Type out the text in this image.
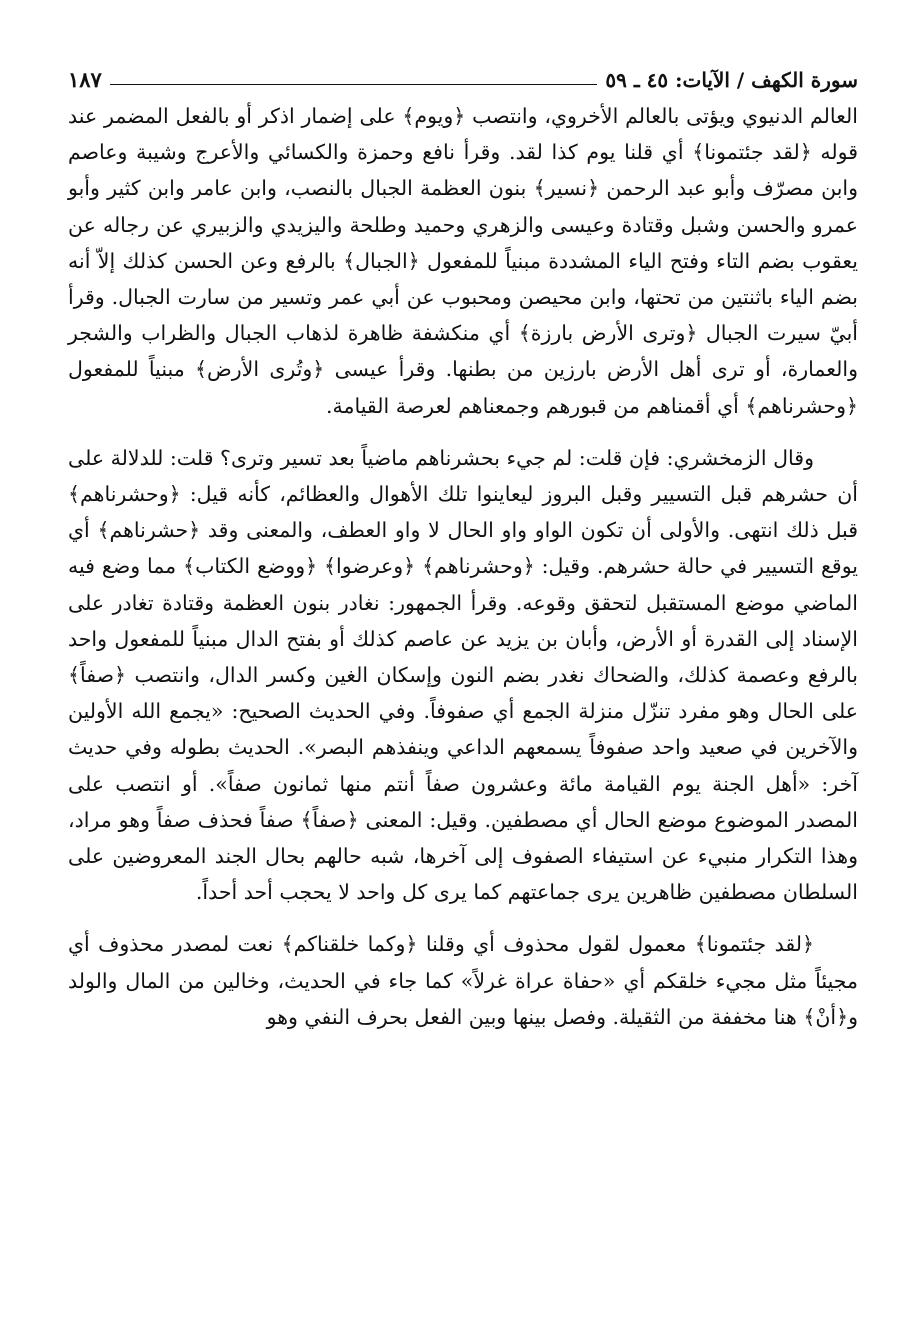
سورة الكهف / الآيات: ٤٥ ـ ٥٩
١٨٧

العالم الدنيوي ويؤتى بالعالم الأخروي، وانتصب ﴿ويوم﴾ على إضمار اذكر أو بالفعل المضمر عند قوله ﴿لقد جئتمونا﴾ أي قلنا يوم كذا لقد. وقرأ نافع وحمزة والكسائي والأعرج وشيبة وعاصم وابن مصرّف وأبو عبد الرحمن ﴿نسير﴾ بنون العظمة الجبال بالنصب، وابن عامر وابن كثير وأبو عمرو والحسن وشبل وقتادة وعيسى والزهري وحميد وطلحة واليزيدي والزبيري عن رجاله عن يعقوب بضم التاء وفتح الياء المشددة مبنياً للمفعول ﴿الجبال﴾ بالرفع وعن الحسن كذلك إلاّ أنه بضم الياء باثنتين من تحتها، وابن محيصن ومحبوب عن أبي عمر وتسير من سارت الجبال. وقرأ أبيّ سيرت الجبال ﴿وترى الأرض بارزة﴾ أي منكشفة ظاهرة لذهاب الجبال والظراب والشجر والعمارة، أو ترى أهل الأرض بارزين من بطنها. وقرأ عيسى ﴿وتُرى الأرض﴾ مبنياً للمفعول ﴿وحشرناهم﴾ أي أقمناهم من قبورهم وجمعناهم لعرصة القيامة.

وقال الزمخشري: فإن قلت: لم جيء بحشرناهم ماضياً بعد تسير وترى؟ قلت: للدلالة على أن حشرهم قبل التسيير وقبل البروز ليعاينوا تلك الأهوال والعظائم، كأنه قيل: ﴿وحشرناهم﴾ قبل ذلك انتهى. والأولى أن تكون الواو واو الحال لا واو العطف، والمعنى وقد ﴿حشرناهم﴾ أي يوقع التسيير في حالة حشرهم. وقيل: ﴿وحشرناهم﴾ ﴿وعرضوا﴾ ﴿ووضع الكتاب﴾ مما وضع فيه الماضي موضع المستقبل لتحقق وقوعه. وقرأ الجمهور: نغادر بنون العظمة وقتادة تغادر على الإسناد إلى القدرة أو الأرض، وأبان بن يزيد عن عاصم كذلك أو بفتح الدال مبنياً للمفعول واحد بالرفع وعصمة كذلك، والضحاك نغدر بضم النون وإسكان الغين وكسر الدال، وانتصب ﴿صفاً﴾ على الحال وهو مفرد تنزّل منزلة الجمع أي صفوفاً. وفي الحديث الصحيح: «يجمع الله الأولين والآخرين في صعيد واحد صفوفاً يسمعهم الداعي وينفذهم البصر». الحديث بطوله وفي حديث آخر: «أهل الجنة يوم القيامة مائة وعشرون صفاً أنتم منها ثمانون صفاً». أو انتصب على المصدر الموضوع موضع الحال أي مصطفين. وقيل: المعنى ﴿صفاً﴾ صفاً فحذف صفاً وهو مراد، وهذا التكرار منبيء عن استيفاء الصفوف إلى آخرها، شبه حالهم بحال الجند المعروضين على السلطان مصطفين ظاهرين يرى جماعتهم كما يرى كل واحد لا يحجب أحد أحداً.

﴿لقد جئتمونا﴾ معمول لقول محذوف أي وقلنا ﴿وكما خلقناكم﴾ نعت لمصدر محذوف أي مجيئاً مثل مجيء خلقكم أي «حفاة عراة غرلاً» كما جاء في الحديث، وخالين من المال والولد و﴿أنْ﴾ هنا مخففة من الثقيلة. وفصل بينها وبين الفعل بحرف النفي وهو
